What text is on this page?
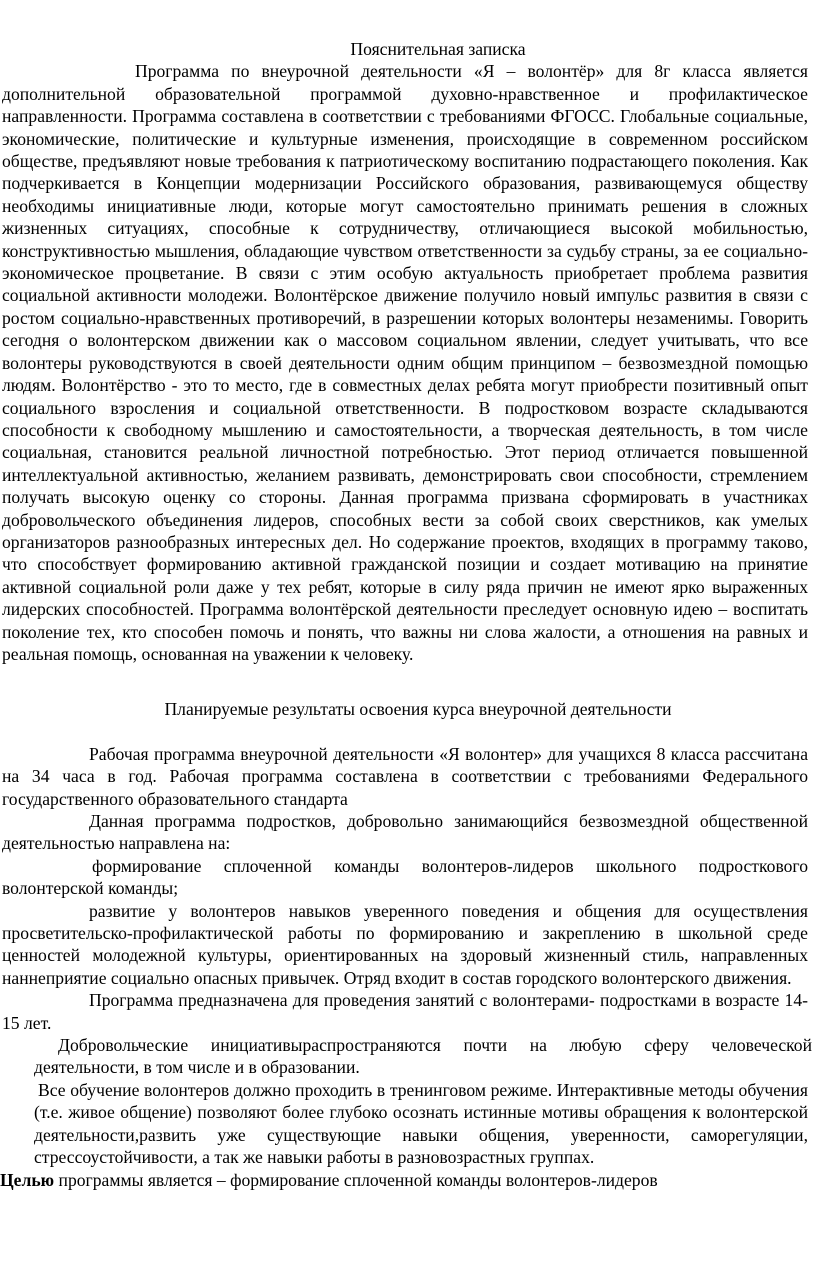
Пояснительная записка

Программа по внеурочной деятельности «Я – волонтёр» для 8г класса является дополнительной образовательной программой духовно-нравственное и профилактическое направленности. Программа составлена в соответствии с требованиями ФГОСС. Глобальные социальные, экономические, политические и культурные изменения, происходящие в современном российском обществе, предъявляют новые требования к патриотическому воспитанию подрастающего поколения. Как подчеркивается в Концепции модернизации Российского образования, развивающемуся обществу необходимы инициативные люди, которые могут самостоятельно принимать решения в сложных жизненных ситуациях, способные к сотрудничеству, отличающиеся высокой мобильностью, конструктивностью мышления, обладающие чувством ответственности за судьбу страны, за ее социально-экономическое процветание. В связи с этим особую актуальность приобретает проблема развития социальной активности молодежи. Волонтёрское движение получило новый импульс развития в связи с ростом социально-нравственных противоречий, в разрешении которых волонтеры незаменимы. Говорить сегодня о волонтерском движении как о массовом социальном явлении, следует учитывать, что все волонтеры руководствуются в своей деятельности одним общим принципом – безвозмездной помощью людям. Волонтёрство - это то место, где в совместных делах ребята могут приобрести позитивный опыт социального взросления и социальной ответственности. В подростковом возрасте складываются способности к свободному мышлению и самостоятельности, а творческая деятельность, в том числе социальная, становится реальной личностной потребностью. Этот период отличается повышенной интеллектуальной активностью, желанием развивать, демонстрировать свои способности, стремлением получать высокую оценку со стороны. Данная программа призвана сформировать в участниках добровольческого объединения лидеров, способных вести за собой своих сверстников, как умелых организаторов разнообразных интересных дел. Но содержание проектов, входящих в программу таково, что способствует формированию активной гражданской позиции и создает мотивацию на принятие активной социальной роли даже у тех ребят, которые в силу ряда причин не имеют ярко выраженных лидерских способностей. Программа волонтёрской деятельности преследует основную идею – воспитать поколение тех, кто способен помочь и понять, что важны ни слова жалости, а отношения на равных и реальная помощь, основанная на уважении к человеку.

Планируемые результаты освоения курса внеурочной деятельности

Рабочая программа внеурочной деятельности «Я волонтер» для учащихся 8 класса рассчитана на 34 часа в год. Рабочая программа составлена в соответствии с требованиями Федерального государственного образовательного стандарта

Данная программа подростков, добровольно занимающийся безвозмездной общественной деятельностью направлена на:

формирование сплоченной команды волонтеров-лидеров школьного подросткового волонтерской команды;

развитие у волонтеров навыков уверенного поведения и общения для осуществления просветительско-профилактической работы по формированию и закреплению в школьной среде ценностей молодежной культуры, ориентированных на здоровый жизненный стиль, направленных наннеприятие социально опасных привычек. Отряд входит в состав городского волонтерского движения.

Программа предназначена для проведения занятий с волонтерами- подростками в возрасте 14-15 лет.

Добровольческие инициативыраспространяются почти на любую сферу человеческой деятельности, в том числе и в образовании.

Все обучение волонтеров должно проходить в тренинговом режиме. Интерактивные методы обучения (т.е. живое общение) позволяют более глубоко осознать истинные мотивы обращения к волонтерской деятельности,развить уже существующие навыки общения, уверенности, саморегуляции, стрессоустойчивости, а так же навыки работы в разновозрастных группах.

Целью программы является – формирование сплоченной команды волонтеров-лидеров
